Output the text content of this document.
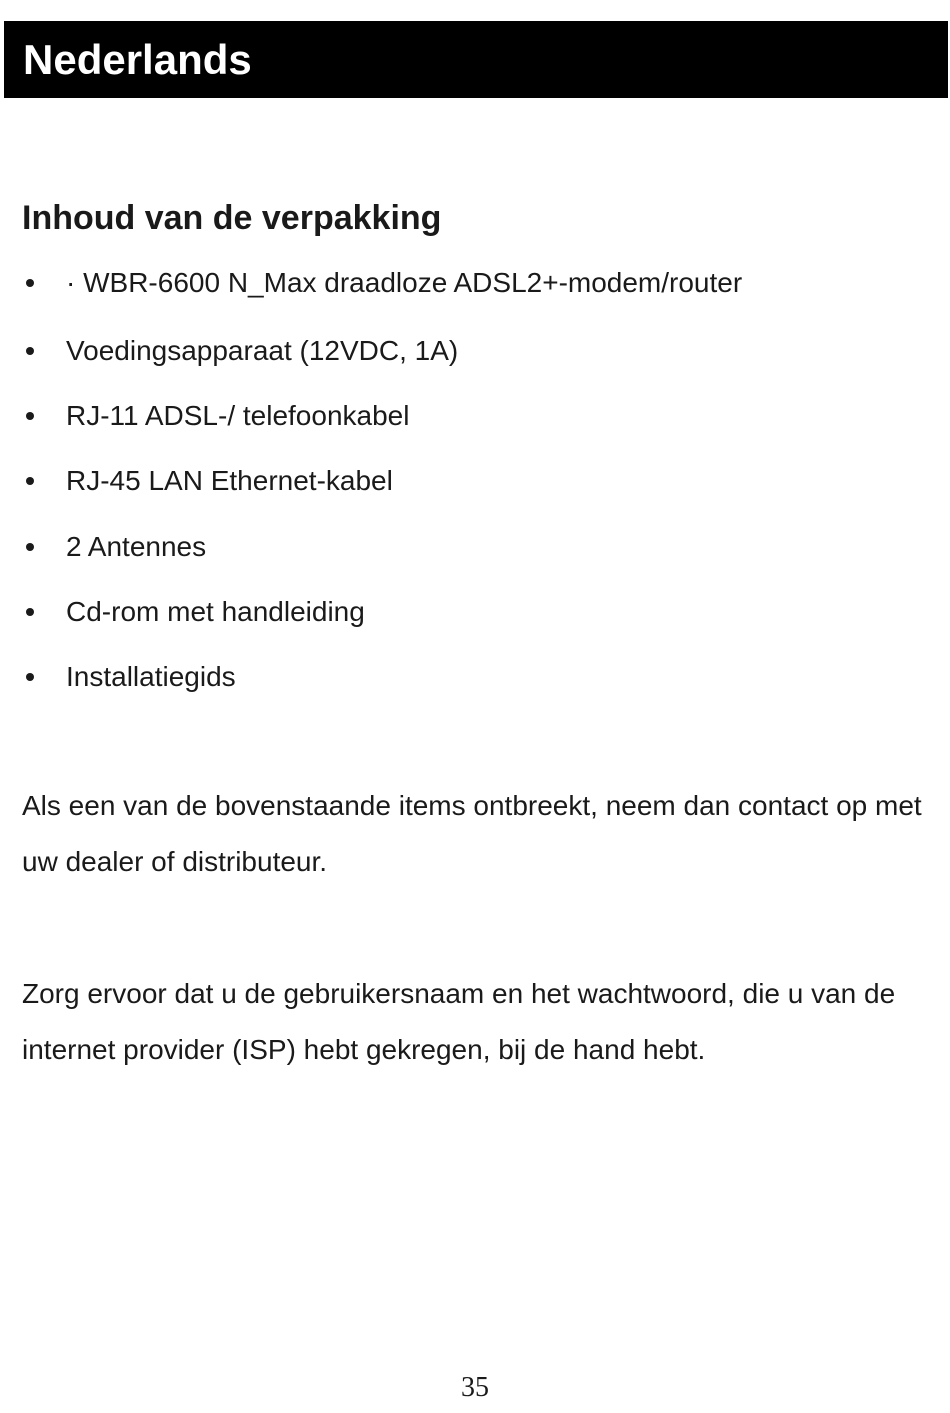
Nederlands
Inhoud van de verpakking
· WBR-6600 N_Max draadloze ADSL2+-modem/router
Voedingsapparaat (12VDC, 1A)
RJ-11 ADSL-/ telefoonkabel
RJ-45 LAN Ethernet-kabel
2 Antennes
Cd-rom met handleiding
Installatiegids

Als een van de bovenstaande items ontbreekt, neem dan contact op met uw dealer of distributeur.

Zorg ervoor dat u de gebruikersnaam en het wachtwoord, die u van de internet provider (ISP) hebt gekregen, bij de hand hebt.

35
